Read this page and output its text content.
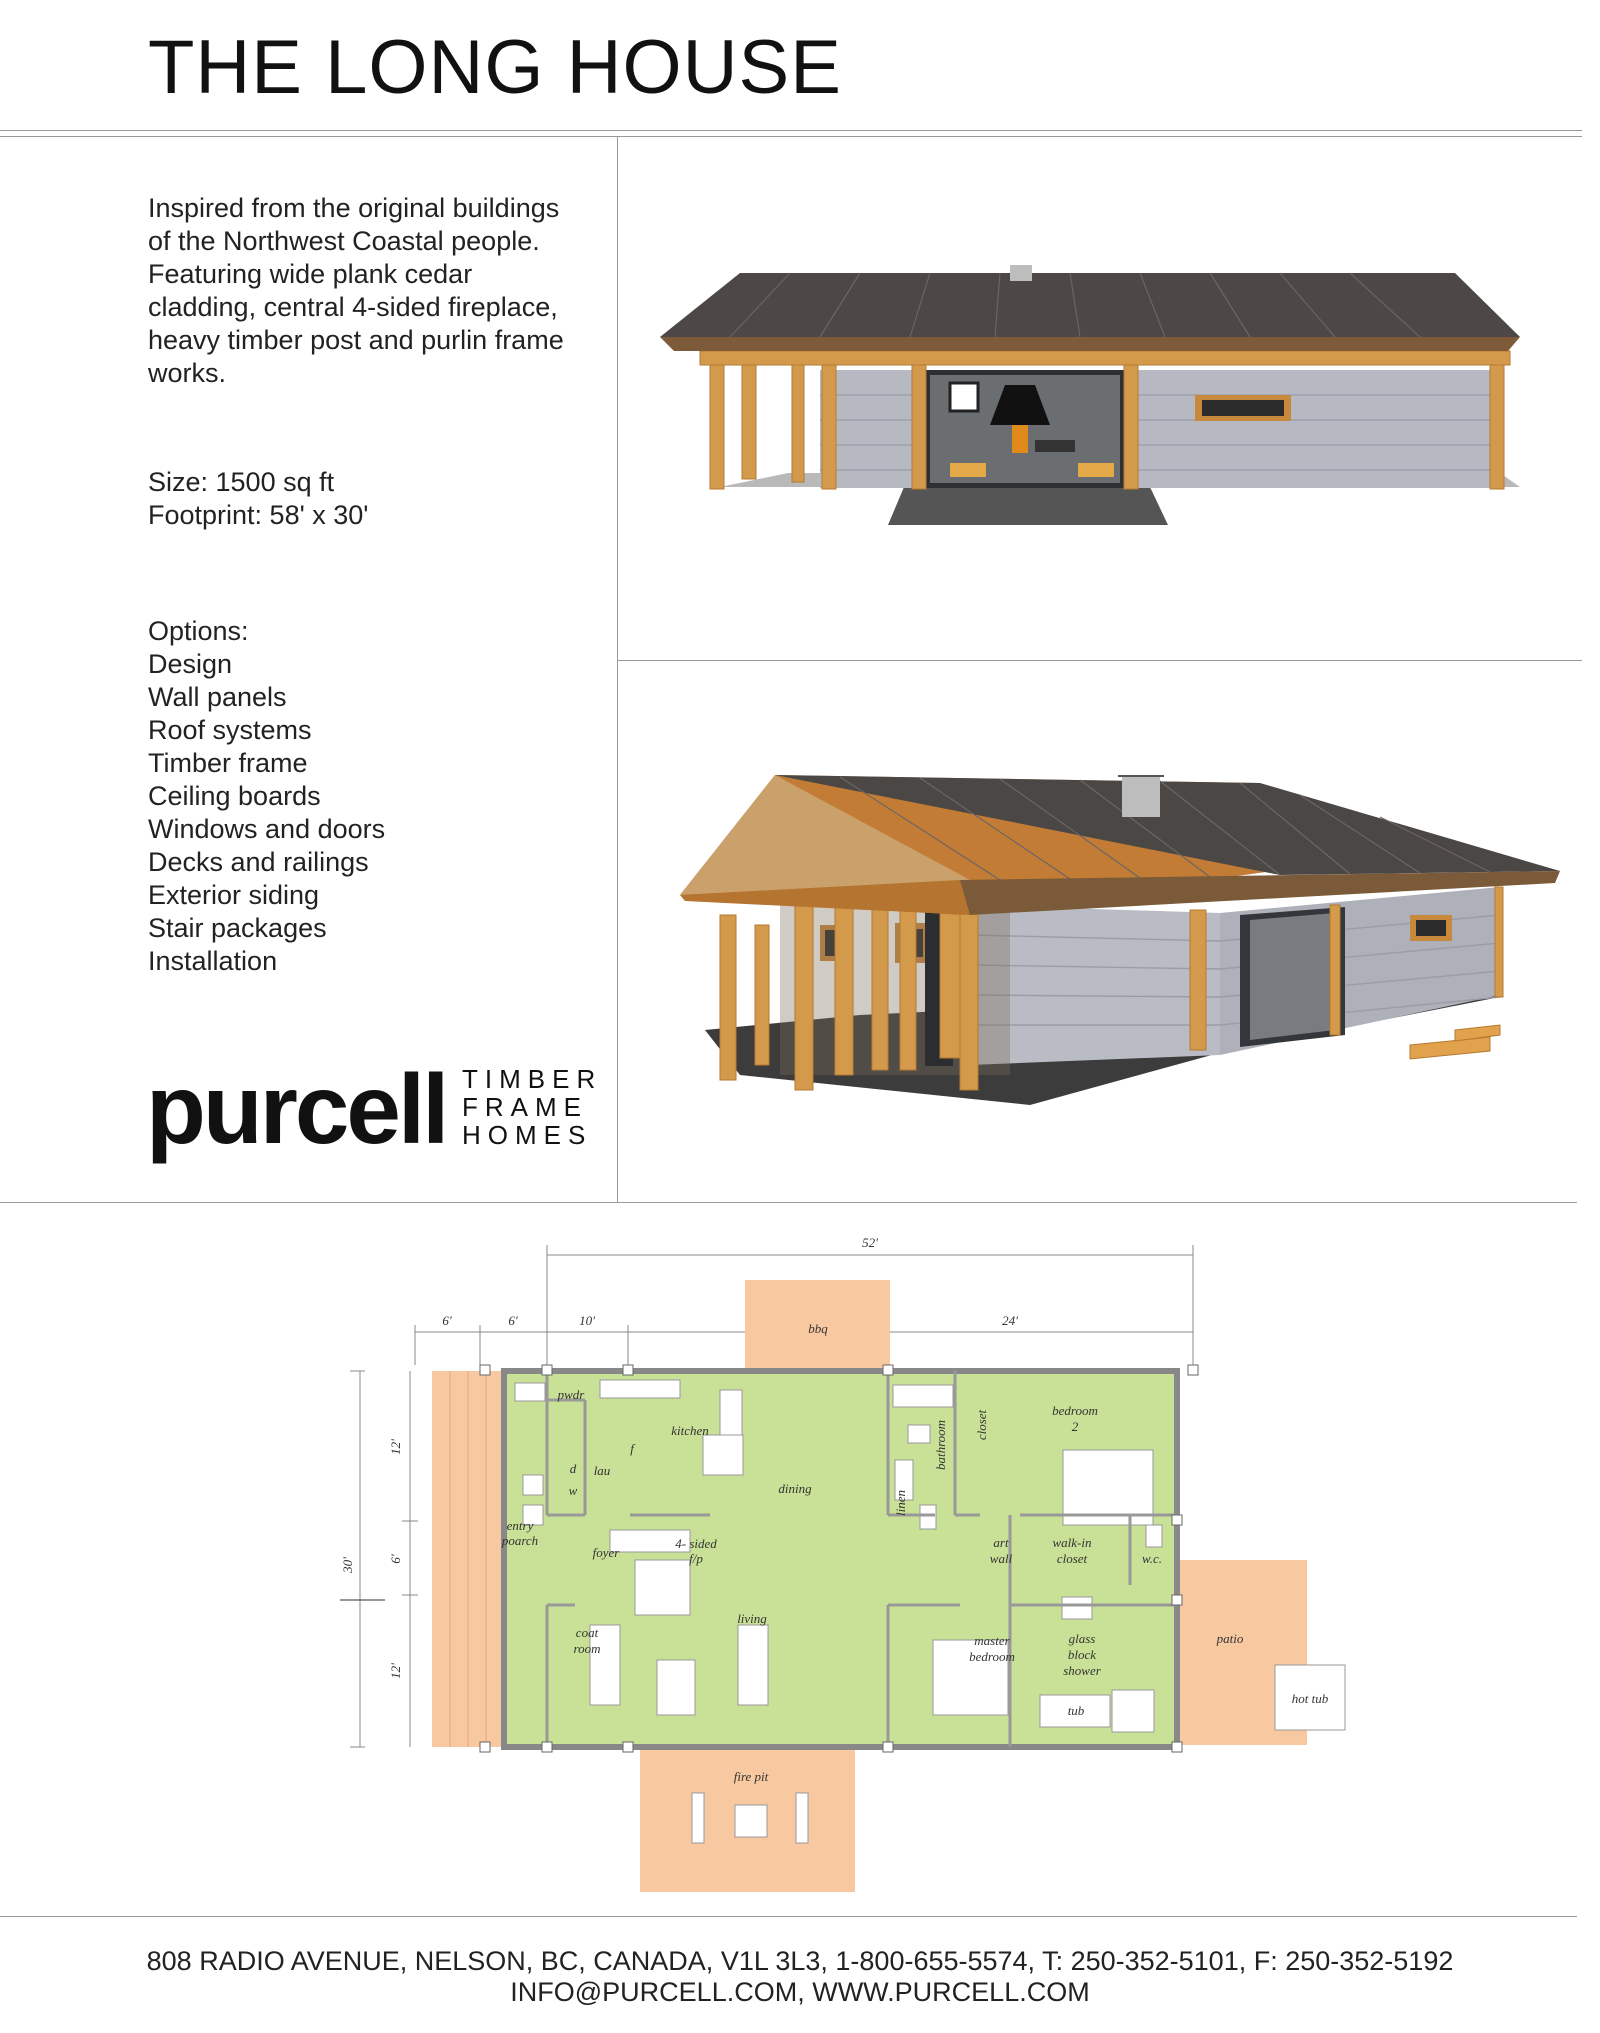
THE LONG HOUSE
Inspired from the original buildings
of the Northwest Coastal people.
Featuring wide plank cedar
cladding, central 4-sided fireplace,
heavy timber post and purlin frame
works.
Size: 1500 sq ft
Footprint: 58' x 30'
Options:
Design
Wall panels
Roof systems
Timber frame
Ceiling boards
Windows and doors
Decks and railings
Exterior siding
Stair packages
Installation
purcell TIMBER
FRAME
HOMES
52'
6'	6'	10'	24'
30'
12'
6'
12'
bbq
pwdr
kitchen
f
dining
bathroom closet	bedroom
2
d lau
w	linen
entry
poarch
foyer
4- sided
f/p
art
wall
walk-in
closet	w.c.
coat
room
living
master
bedroom
glass
block
shower
tub
patio
hot tub
fire pit
808 RADIO AVENUE, NELSON, BC, CANADA, V1L 3L3, 1-800-655-5574, T: 250-352-5101, F: 250-352-5192
INFO@PURCELL.COM, WWW.PURCELL.COM
